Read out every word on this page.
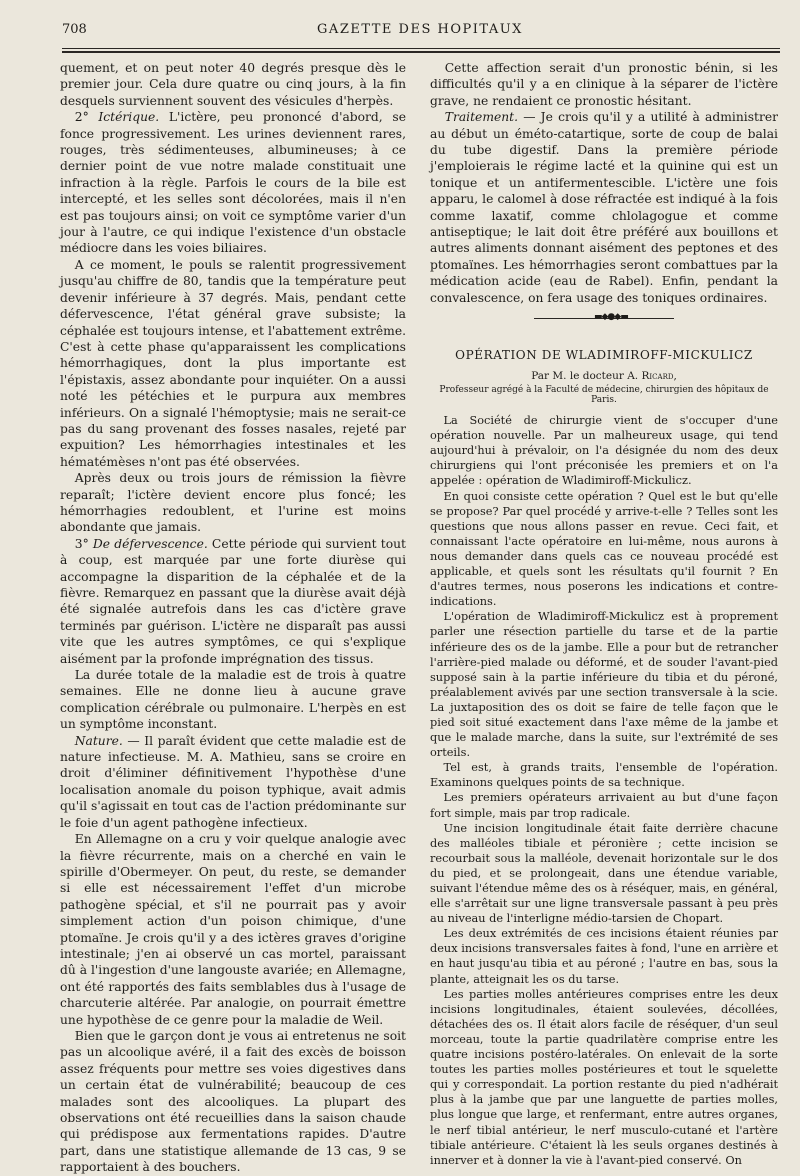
708	GAZETTE DES HOPITAUX

quement, et on peut noter 40 degrés presque dès le premier jour. Cela dure quatre ou cinq jours, à la fin desquels surviennent souvent des vésicules d'herpès.

2° Ictérique. L'ictère, peu prononcé d'abord, se fonce progressivement. Les urines deviennent rares, rouges, très sédimenteuses, albumineuses; à ce dernier point de vue notre malade constituait une infraction à la règle. Parfois le cours de la bile est intercepté, et les selles sont décolorées, mais il n'en est pas toujours ainsi; on voit ce symptôme varier d'un jour à l'autre, ce qui indique l'existence d'un obstacle médiocre dans les voies biliaires.

A ce moment, le pouls se ralentit progressivement jusqu'au chiffre de 80, tandis que la température peut devenir inférieure à 37 degrés. Mais, pendant cette défervescence, l'état général grave subsiste; la céphalée est toujours intense, et l'abattement extrême. C'est à cette phase qu'apparaissent les complications hémorrhagiques, dont la plus importante est l'épistaxis, assez abondante pour inquiéter. On a aussi noté les pétéchies et le purpura aux membres inférieurs. On a signalé l'hémoptysie; mais ne serait-ce pas du sang provenant des fosses nasales, rejeté par expuition? Les hémorrhagies intestinales et les hématémèses n'ont pas été observées.

Après deux ou trois jours de rémission la fièvre reparaît; l'ictère devient encore plus foncé; les hémorrhagies redoublent, et l'urine est moins abondante que jamais.

3° De défervescence. Cette période qui survient tout à coup, est marquée par une forte diurèse qui accompagne la disparition de la céphalée et de la fièvre. Remarquez en passant que la diurèse avait déjà été signalée autrefois dans les cas d'ictère grave terminés par guérison. L'ictère ne disparaît pas aussi vite que les autres symptômes, ce qui s'explique aisément par la profonde imprégnation des tissus.

La durée totale de la maladie est de trois à quatre semaines. Elle ne donne lieu à aucune grave complication cérébrale ou pulmonaire. L'herpès en est un symptôme inconstant.

Nature. — Il paraît évident que cette maladie est de nature infectieuse. M. A. Mathieu, sans se croire en droit d'éliminer définitivement l'hypothèse d'une localisation anomale du poison typhique, avait admis qu'il s'agissait en tout cas de l'action prédominante sur le foie d'un agent pathogène infectieux.

En Allemagne on a cru y voir quelque analogie avec la fièvre récurrente, mais on a cherché en vain le spirille d'Obermeyer. On peut, du reste, se demander si elle est nécessairement l'effet d'un microbe pathogène spécial, et s'il ne pourrait pas y avoir simplement action d'un poison chimique, d'une ptomaïne. Je crois qu'il y a des ictères graves d'origine intestinale; j'en ai observé un cas mortel, paraissant dû à l'ingestion d'une langouste avariée; en Allemagne, ont été rapportés des faits semblables dus à l'usage de charcuterie altérée. Par analogie, on pourrait émettre une hypothèse de ce genre pour la maladie de Weil.

Bien que le garçon dont je vous ai entretenus ne soit pas un alcoolique avéré, il a fait des excès de boisson assez fréquents pour mettre ses voies digestives dans un certain état de vulnérabilité; beaucoup de ces malades sont des alcooliques. La plupart des observations ont été recueillies dans la saison chaude qui prédispose aux fermentations rapides. D'autre part, dans une statistique allemande de 13 cas, 9 se rapportaient à des bouchers.

Cette affection serait d'un pronostic bénin, si les difficultés qu'il y a en clinique à la séparer de l'ictère grave, ne rendaient ce pronostic hésitant.

Traitement. — Je crois qu'il y a utilité à administrer au début un éméto-catartique, sorte de coup de balai du tube digestif. Dans la première période j'emploierais le régime lacté et la quinine qui est un tonique et un antifermentescible. L'ictère une fois apparu, le calomel à dose réfractée est indiqué à la fois comme laxatif, comme chlolagogue et comme antiseptique; le lait doit être préféré aux bouillons et autres aliments donnant aisément des peptones et des ptomaïnes. Les hémorrhagies seront combattues par la médication acide (eau de Rabel). Enfin, pendant la convalescence, on fera usage des toniques ordinaires.

▬◆●◆▬
OPÉRATION DE WLADIMIROFF-MICKULICZ
Par M. le docteur A. Ricard,
Professeur agrégé à la Faculté de médecine, chirurgien des hôpitaux de Paris.

La Société de chirurgie vient de s'occuper d'une opération nouvelle. Par un malheureux usage, qui tend aujourd'hui à prévaloir, on l'a désignée du nom des deux chirurgiens qui l'ont préconisée les premiers et on l'a appelée : opération de Wladimiroff-Mickulicz.

En quoi consiste cette opération ? Quel est le but qu'elle se propose? Par quel procédé y arrive-t-elle ? Telles sont les questions que nous allons passer en revue. Ceci fait, et connaissant l'acte opératoire en lui-même, nous aurons à nous demander dans quels cas ce nouveau procédé est applicable, et quels sont les résultats qu'il fournit ? En d'autres termes, nous poserons les indications et contre-indications.

L'opération de Wladimiroff-Mickulicz est à proprement parler une résection partielle du tarse et de la partie inférieure des os de la jambe. Elle a pour but de retrancher l'arrière-pied malade ou déformé, et de souder l'avant-pied supposé sain à la partie inférieure du tibia et du péroné, préalablement avivés par une section transversale à la scie. La juxtaposition des os doit se faire de telle façon que le pied soit situé exactement dans l'axe même de la jambe et que le malade marche, dans la suite, sur l'extrémité de ses orteils.

Tel est, à grands traits, l'ensemble de l'opération. Examinons quelques points de sa technique.

Les premiers opérateurs arrivaient au but d'une façon fort simple, mais par trop radicale.

Une incision longitudinale était faite derrière chacune des malléoles tibiale et péronière ; cette incision se recourbait sous la malléole, devenait horizontale sur le dos du pied, et se prolongeait, dans une étendue variable, suivant l'étendue même des os à réséquer, mais, en général, elle s'arrêtait sur une ligne transversale passant à peu près au niveau de l'interligne médio-tarsien de Chopart.

Les deux extrémités de ces incisions étaient réunies par deux incisions transversales faites à fond, l'une en arrière et en haut jusqu'au tibia et au péroné ; l'autre en bas, sous la plante, atteignait les os du tarse.

Les parties molles antérieures comprises entre les deux incisions longitudinales, étaient soulevées, décollées, détachées des os. Il était alors facile de réséquer, d'un seul morceau, toute la partie quadrilatère comprise entre les quatre incisions postéro-latérales. On enlevait de la sorte toutes les parties molles postérieures et tout le squelette qui y correspondait. La portion restante du pied n'adhérait plus à la jambe que par une languette de parties molles, plus longue que large, et renfermant, entre autres organes, le nerf tibial antérieur, le nerf musculo-cutané et l'artère tibiale antérieure. C'étaient là les seuls organes destinés à innerver et à donner la vie à l'avant-pied conservé. On
